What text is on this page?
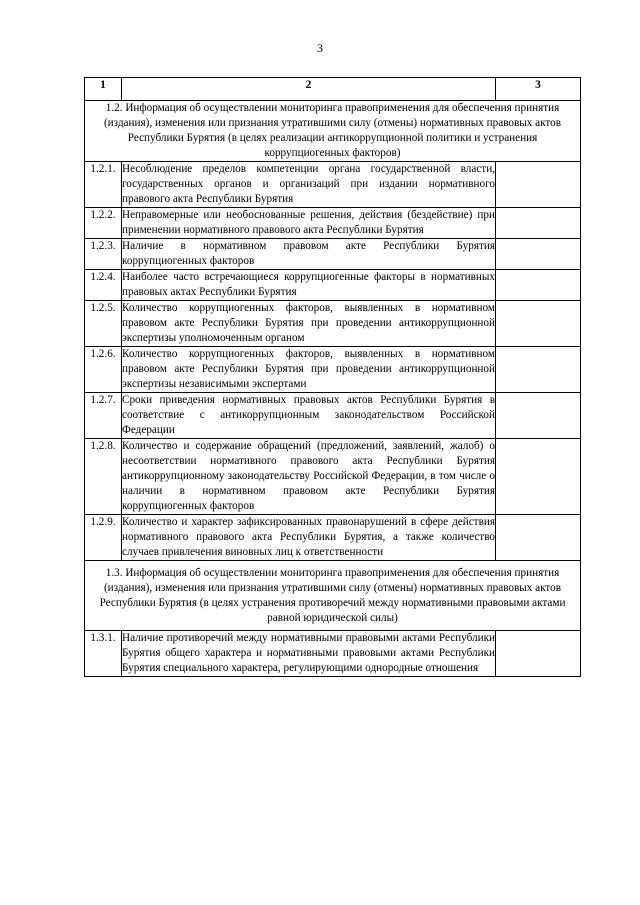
3
1	2	3
1.2. Информация об осуществлении мониторинга правоприменения для обеспечения принятия (издания), изменения или признания утратившими силу (отмены) нормативных правовых актов Республики Бурятия (в целях реализации антикоррупционной политики и устранения коррупциогенных факторов)		
1.2.1.	Несоблюдение пределов компетенции органа государственной власти, государственных органов и организаций при издании нормативного правового акта Республики Бурятия	
1.2.2.	Неправомерные или необоснованные решения, действия (бездействие) при применении нормативного правового акта Республики Бурятия	
1.2.3.	Наличие в нормативном правовом акте Республики Бурятия коррупциогенных факторов	
1.2.4.	Наиболее часто встречающиеся коррупциогенные факторы в нормативных правовых актах Республики Бурятия	
1.2.5.	Количество коррупциогенных факторов, выявленных в нормативном правовом акте Республики Бурятия при проведении антикоррупционной экспертизы уполномоченным органом	
1.2.6.	Количество коррупциогенных факторов, выявленных в нормативном правовом акте Республики Бурятия при проведении антикоррупционной экспертизы независимыми экспертами	
1.2.7.	Сроки приведения нормативных правовых актов Республики Бурятия в соответствие с антикоррупционным законодательством Российской Федерации	
1.2.8.	Количество и содержание обращений (предложений, заявлений, жалоб) о несоответствии нормативного правового акта Республики Бурятия антикоррупционному законодательству Российской Федерации, в том числе о наличии в нормативном правовом акте Республики Бурятия коррупциогенных факторов	
1.2.9.	Количество и характер зафиксированных правонарушений в сфере действия нормативного правового акта Республики Бурятия, а также количество случаев привлечения виновных лиц к ответственности	
1.3. Информация об осуществлении мониторинга правоприменения для обеспечения принятия (издания), изменения или признания утратившими силу (отмены) нормативных правовых актов Республики Бурятия (в целях устранения противоречий между нормативными правовыми актами равной юридической силы)		
1.3.1.	Наличие противоречий между нормативными правовыми актами Республики Бурятия общего характера и нормативными правовыми актами Республики Бурятия специального характера, регулирующими однородные отношения	
